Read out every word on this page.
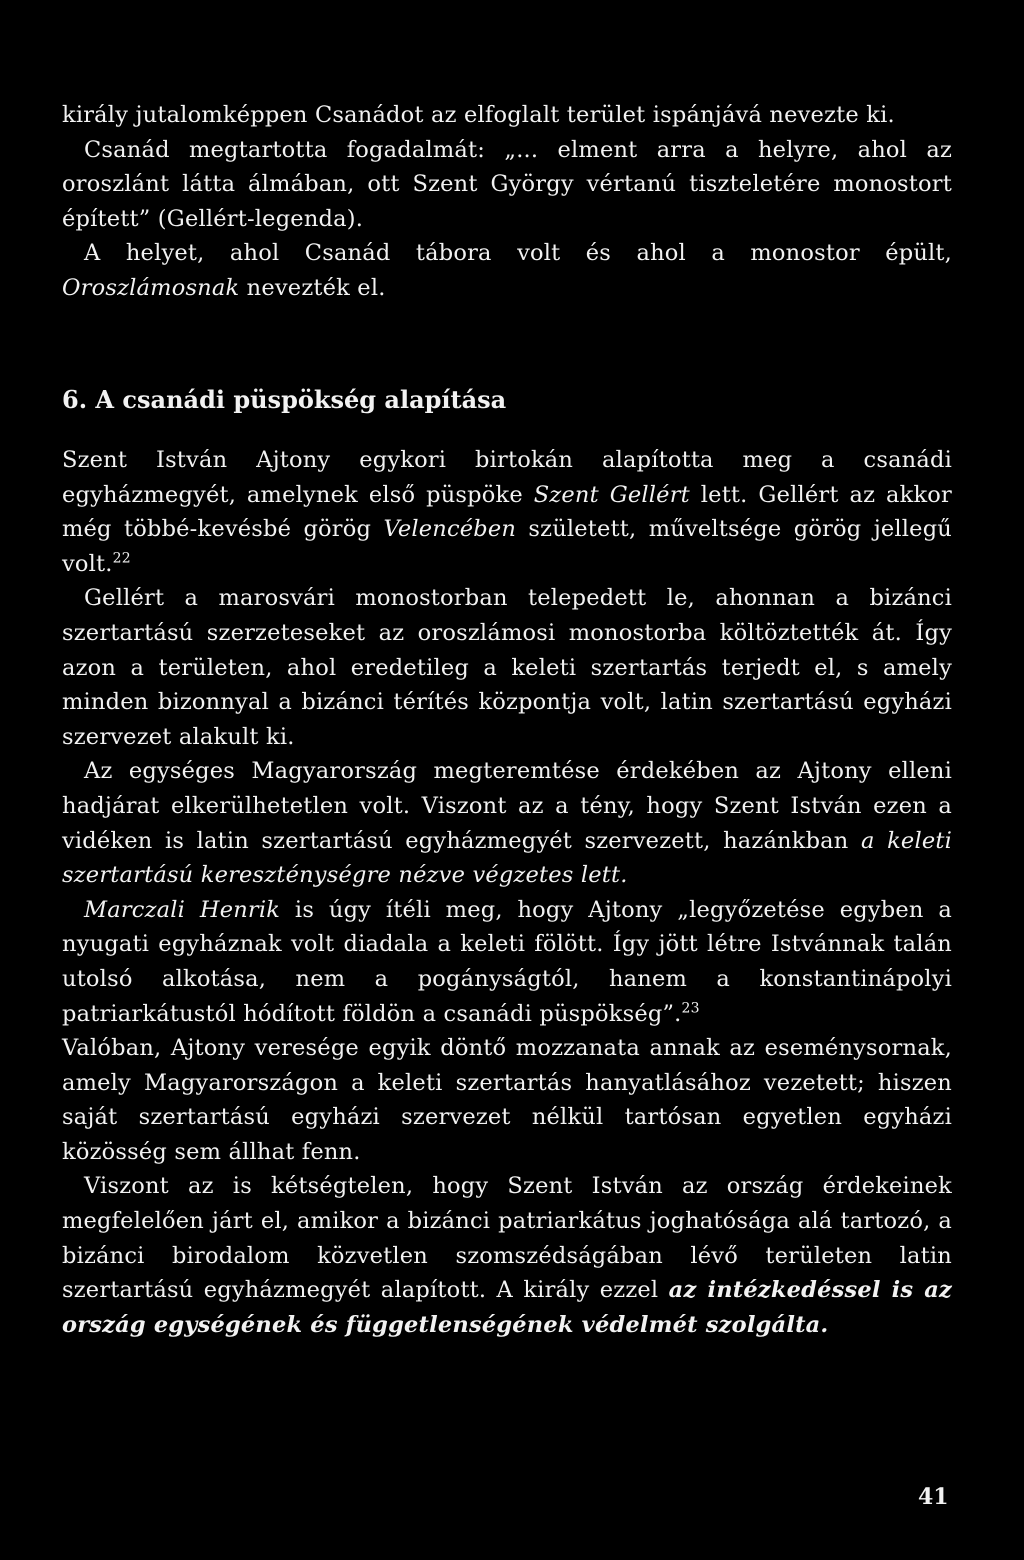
király jutalomképpen Csanádot az elfoglalt terület ispánjává nevezte ki.

Csanád megtartotta fogadalmát: „... elment arra a helyre, ahol az oroszlánt látta álmában, ott Szent György vértanú tiszteletére monostort épített” (Gellért-legenda).

A helyet, ahol Csanád tábora volt és ahol a monostor épült, Oroszlámosnak nevezték el.

6. A csanádi püspökség alapítása

Szent István Ajtony egykori birtokán alapította meg a csanádi egyházmegyét, amelynek első püspöke Szent Gellért lett. Gellért az akkor még többé-kevésbé görög Velencében született, műveltsége görög jellegű volt.$^{22}$

Gellért a marosvári monostorban telepedett le, ahonnan a bizánci szertartású szerzeteseket az oroszlámosi monostorba költöztették át. Így azon a területen, ahol eredetileg a keleti szertartás terjedt el, s amely minden bizonnyal a bizánci térítés központja volt, latin szertartású egyházi szervezet alakult ki.

Az egységes Magyarország megteremtése érdekében az Ajtony elleni hadjárat elkerülhetetlen volt. Viszont az a tény, hogy Szent István ezen a vidéken is latin szertartású egyházmegyét szervezett, hazánkban a keleti szertartású kereszténységre nézve végzetes lett.

Marczali Henrik is úgy ítéli meg, hogy Ajtony „legyőzetése egyben a nyugati egyháznak volt diadala a keleti fölött. Így jött létre Istvánnak talán utolsó alkotása, nem a pogányságtól, hanem a konstantinápolyi patriarkátustól hódított földön a csanádi püspökség”.$^{23}$

Valóban, Ajtony veresége egyik döntő mozzanata annak az eseménysornak, amely Magyarországon a keleti szertartás hanyatlásához vezetett; hiszen saját szertartású egyházi szervezet nélkül tartósan egyetlen egyházi közösség sem állhat fenn.

Viszont az is kétségtelen, hogy Szent István az ország érdekeinek megfelelően járt el, amikor a bizánci patriarkátus joghatósága alá tartozó, a bizánci birodalom közvetlen szomszédságában lévő területen latin szertartású egyházmegyét alapított. A király ezzel az intézkedéssel is az ország egységének és függetlenségének védelmét szolgálta.

41
